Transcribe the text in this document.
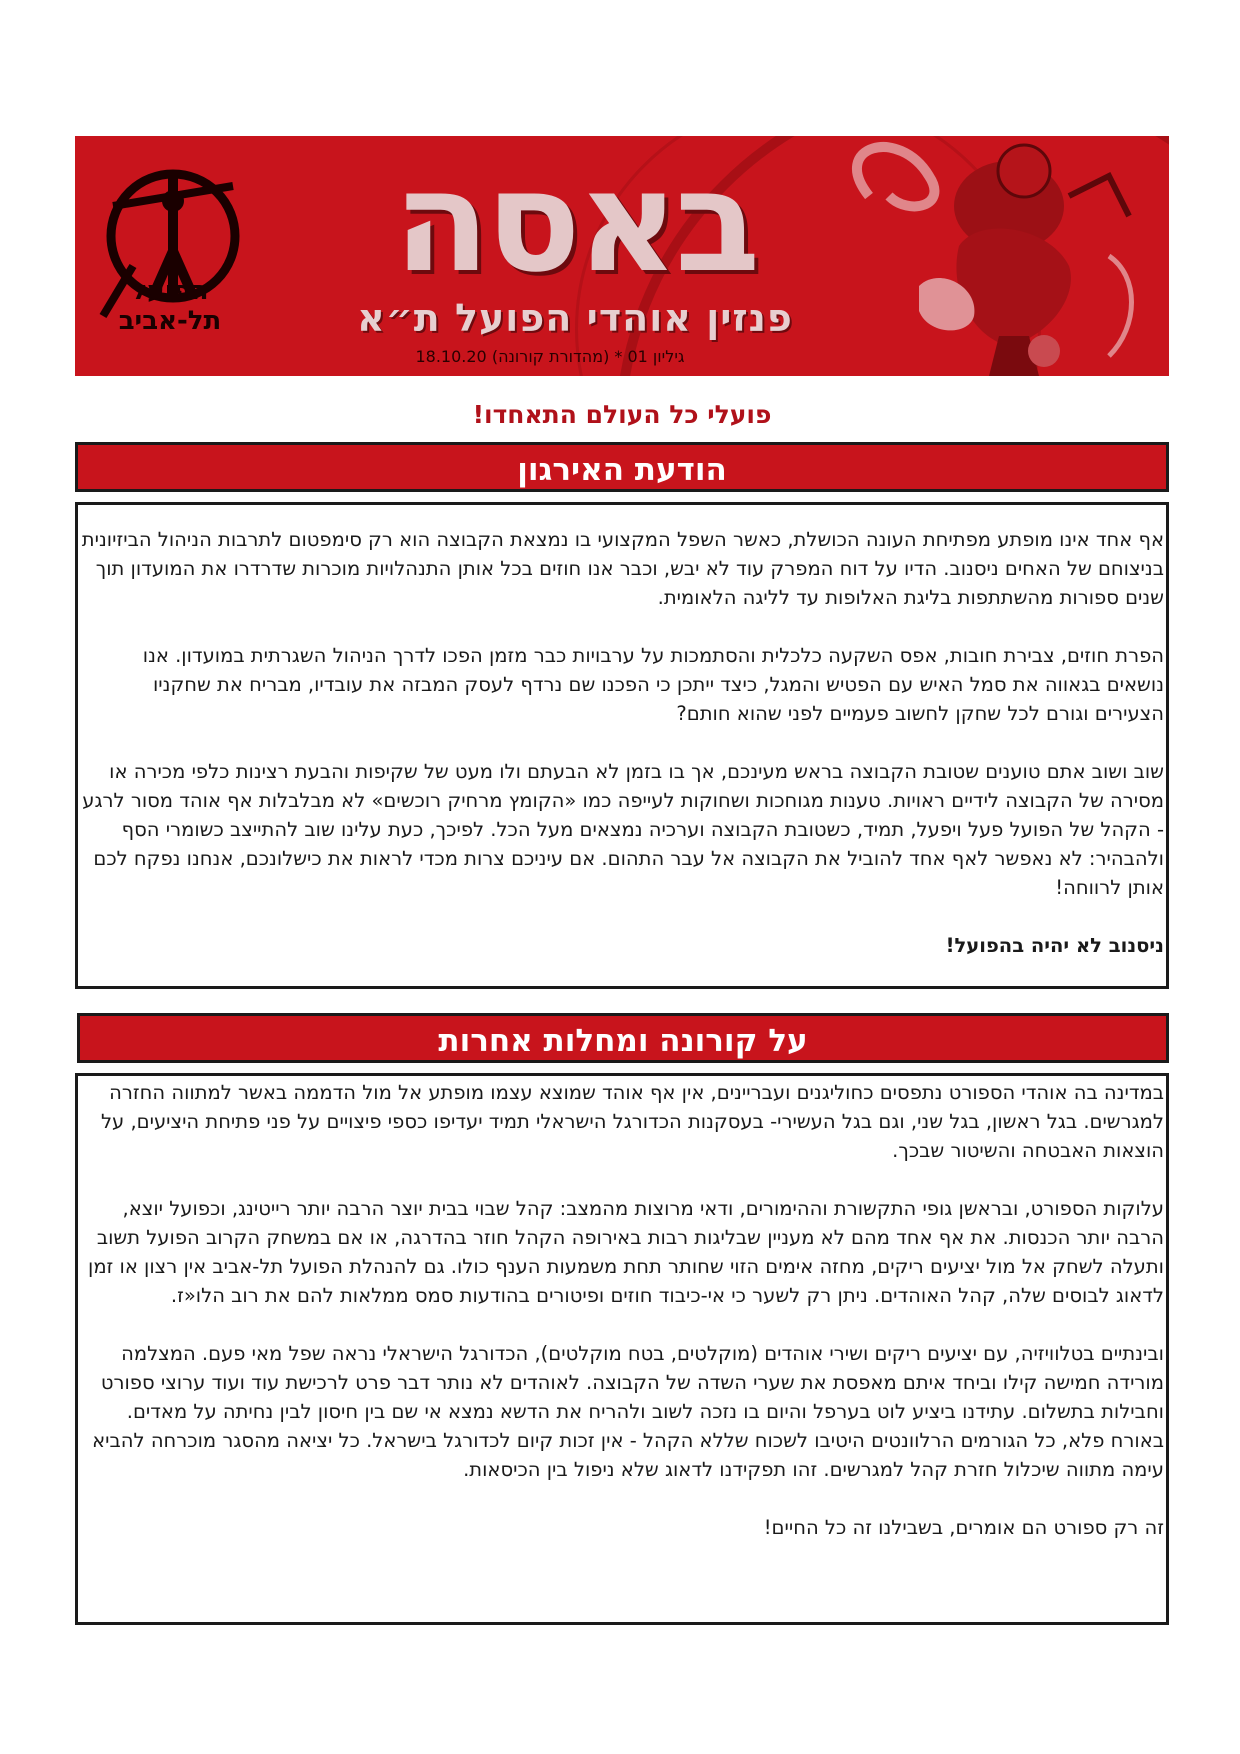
הפועל
תל-אביב
באסה
פנזין אוהדי הפועל ת״א
גיליון 01 * (מהדורת קורונה) 18.10.20
פועלי כל העולם התאחדו!
הודעת האירגון

אף אחד אינו מופתע מפתיחת העונה הכושלת, כאשר השפל המקצועי בו נמצאת הקבוצה הוא רק סימפטום לתרבות הניהול הביזיונית בניצוחם של האחים ניסנוב. הדיו על דוח המפרק עוד לא יבש, וכבר אנו חוזים בכל אותן התנהלויות מוכרות שדרדרו את המועדון תוך שנים ספורות מהשתתפות בליגת האלופות עד לליגה הלאומית.

הפרת חוזים, צבירת חובות, אפס השקעה כלכלית והסתמכות על ערבויות כבר מזמן הפכו לדרך הניהול השגרתית במועדון. אנו נושאים בגאווה את סמל האיש עם הפטיש והמגל, כיצד ייתכן כי הפכנו שם נרדף לעסק המבזה את עובדיו, מבריח את שחקניו הצעירים וגורם לכל שחקן לחשוב פעמיים לפני שהוא חותם?

שוב ושוב אתם טוענים שטובת הקבוצה בראש מעינכם, אך בו בזמן לא הבעתם ולו מעט של שקיפות והבעת רצינות כלפי מכירה או מסירה של הקבוצה לידיים ראויות. טענות מגוחכות ושחוקות לעייפה כמו «הקומץ מרחיק רוכשים» לא מבלבלות אף אוהד מסור לרגע - הקהל של הפועל פעל ויפעל, תמיד, כשטובת הקבוצה וערכיה נמצאים מעל הכל. לפיכך, כעת עלינו שוב להתייצב כשומרי הסף ולהבהיר: לא נאפשר לאף אחד להוביל את הקבוצה אל עבר התהום. אם עיניכם צרות מכדי לראות את כישלונכם, אנחנו נפקח לכם אותן לרווחה!

ניסנוב לא יהיה בהפועל!

על קורונה ומחלות אחרות

במדינה בה אוהדי הספורט נתפסים כחוליגנים ועבריינים, אין אף אוהד שמוצא עצמו מופתע אל מול הדממה באשר למתווה החזרה למגרשים. בגל ראשון, בגל שני, וגם בגל העשירי- בעסקנות הכדורגל הישראלי תמיד יעדיפו כספי פיצויים על פני פתיחת היציעים, על הוצאות האבטחה והשיטור שבכך.

עלוקות הספורט, ובראשן גופי התקשורת וההימורים, ודאי מרוצות מהמצב: קהל שבוי בבית יוצר הרבה יותר רייטינג, וכפועל יוצא, הרבה יותר הכנסות. את אף אחד מהם לא מעניין שבליגות רבות באירופה הקהל חוזר בהדרגה, או אם במשחק הקרוב הפועל תשוב ותעלה לשחק אל מול יציעים ריקים, מחזה אימים הזוי שחותר תחת משמעות הענף כולו. גם להנהלת הפועל תל-אביב אין רצון או זמן לדאוג לבוסים שלה, קהל האוהדים. ניתן רק לשער כי אי-כיבוד חוזים ופיטורים בהודעות סמס ממלאות להם את רוב הלו«ז.

ובינתיים בטלוויזיה, עם יציעים ריקים ושירי אוהדים (מוקלטים, בטח מוקלטים), הכדורגל הישראלי נראה שפל מאי פעם. המצלמה מורידה חמישה קילו וביחד איתם מאפסת את שערי השדה של הקבוצה. לאוהדים לא נותר דבר פרט לרכישת עוד ועוד ערוצי ספורט וחבילות בתשלום. עתידנו ביציע לוט בערפל והיום בו נזכה לשוב ולהריח את הדשא נמצא אי שם בין חיסון לבין נחיתה על מאדים. באורח פלא, כל הגורמים הרלוונטים היטיבו לשכוח שללא הקהל - אין זכות קיום לכדורגל בישראל. כל יציאה מהסגר מוכרחה להביא עימה מתווה שיכלול חזרת קהל למגרשים. זהו תפקידנו לדאוג שלא ניפול בין הכיסאות.

זה רק ספורט הם אומרים, בשבילנו זה כל החיים!
